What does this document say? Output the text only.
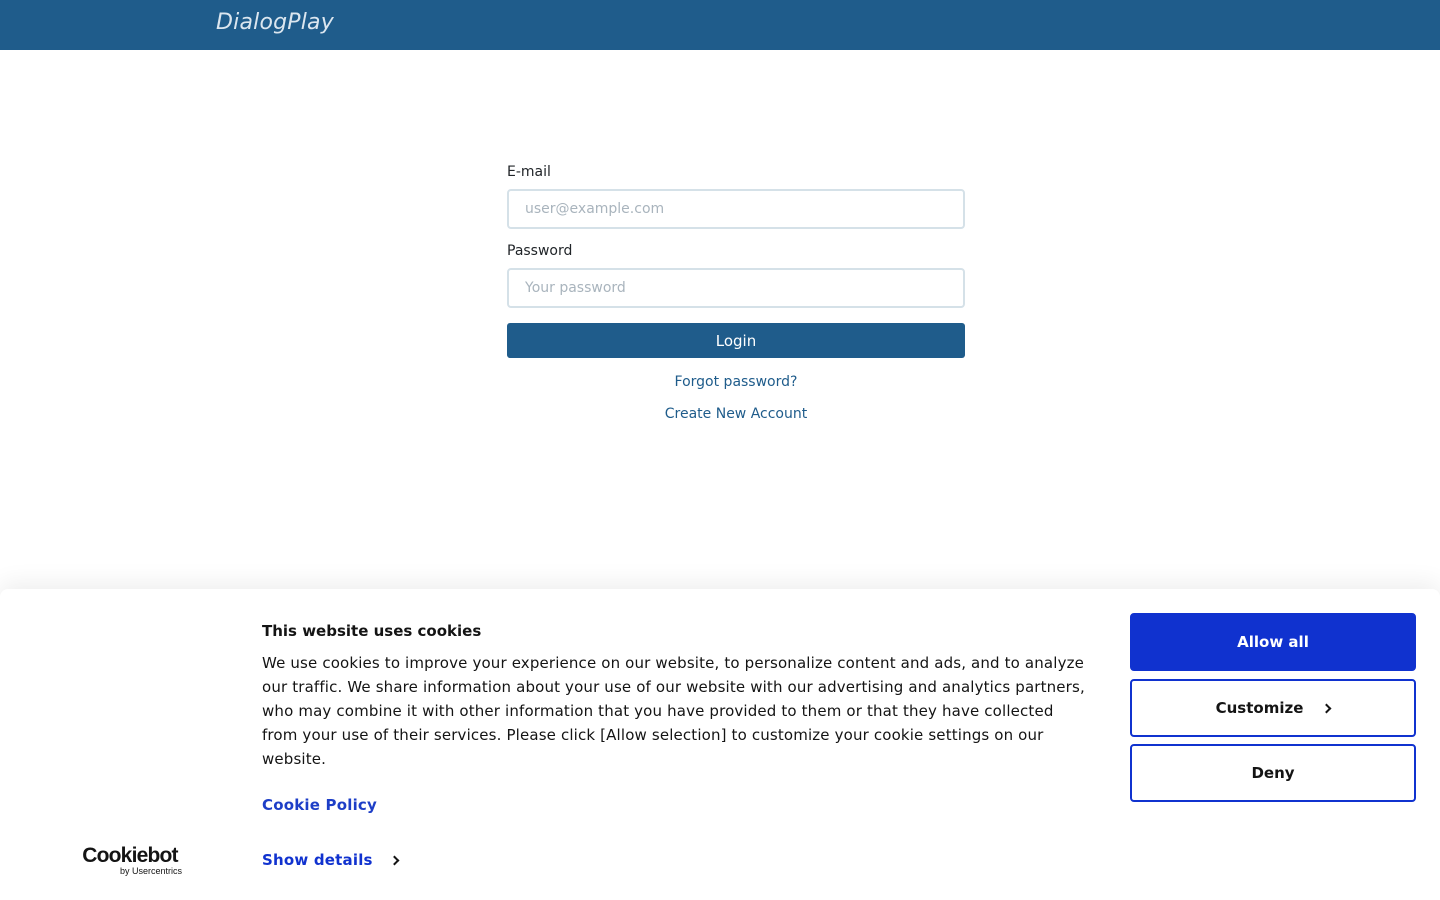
DialogPlay
E-mail
user@example.com
Password
Login
Forgot password?
Create New Account
Cookiebot
by Usercentrics
This website uses cookies

We use cookies to improve your experience on our website, to personalize content and ads, and to analyze our traffic. We share information about your use of our website with our advertising and analytics partners, who may combine it with other information that you have provided to them or that they have collected from your use of their services. Please click [Allow selection] to customize your cookie settings on our website.

Cookie Policy
Show details
Allow all
Customize
Deny
